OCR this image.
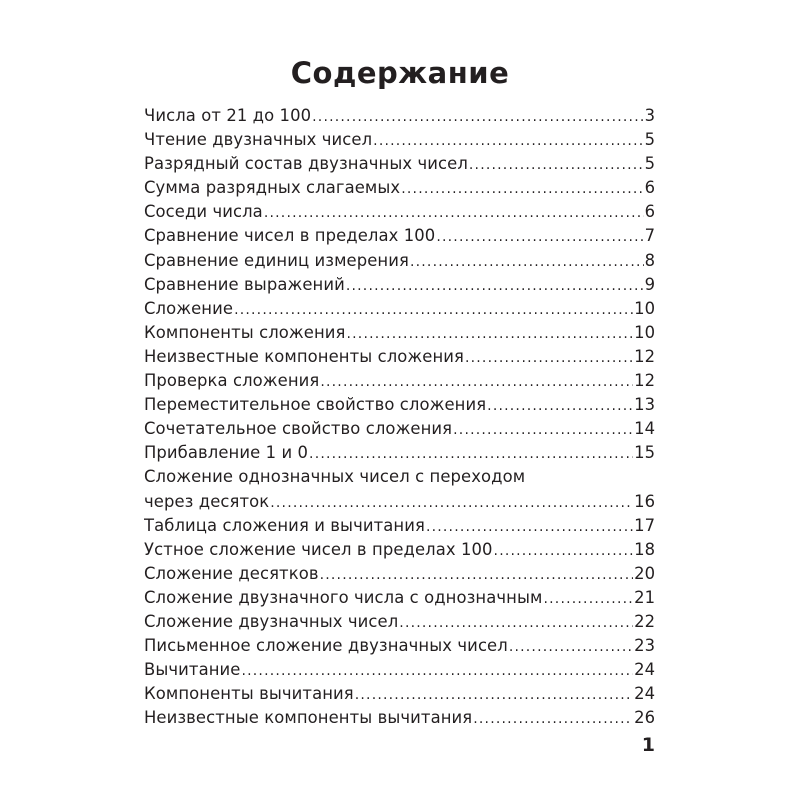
Содержание
Числа от 21 до 100 .....	3
Чтение двузначных чисел .....	5
Разрядный состав двузначных чисел .....	5
Сумма разрядных слагаемых .....	6
Соседи числа .....	6
Сравнение чисел в пределах 100 .....	7
Сравнение единиц измерения .....	8
Сравнение выражений .....	9
Сложение .....	10
Компоненты сложения .....	10
Неизвестные компоненты сложения .....	12
Проверка сложения .....	12
Переместительное свойство сложения .....	13
Сочетательное свойство сложения .....	14
Прибавление 1 и 0 .....	15
Сложение однозначных чисел с переходом
через десяток .....	16
Таблица сложения и вычитания .....	17
Устное сложение чисел в пределах 100 .....	18
Сложение десятков .....	20
Сложение двузначного числа с однозначным .....	21
Сложение двузначных чисел .....	22
Письменное сложение двузначных чисел .....	23
Вычитание .....	24
Компоненты вычитания .....	24
Неизвестные компоненты вычитания .....	26
1
